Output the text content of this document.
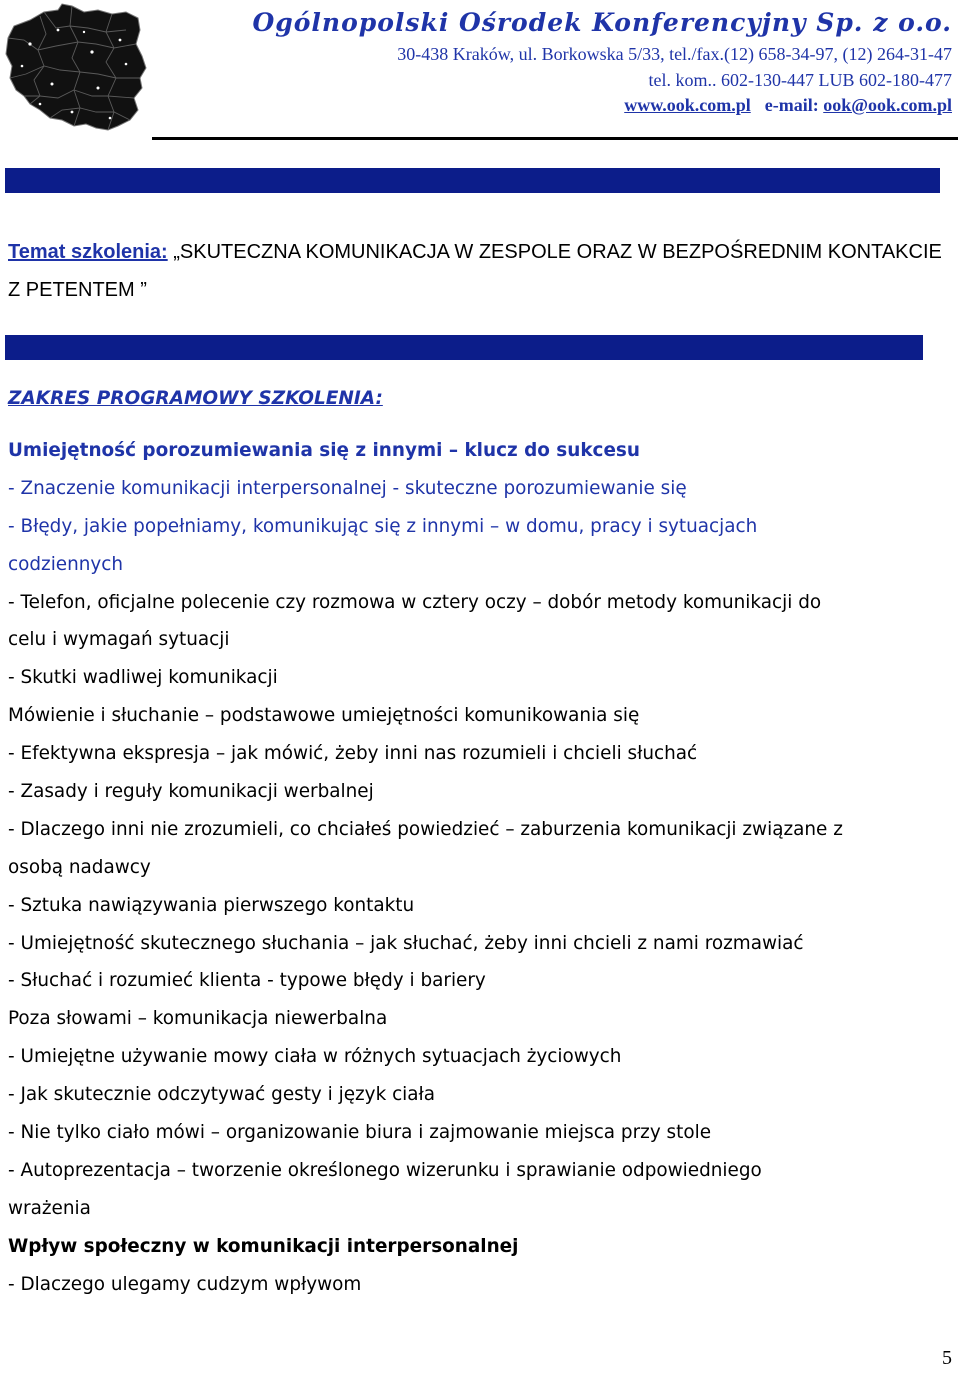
Ogólnopolski Ośrodek Konferencyjny Sp. z o.o.

30-438 Kraków, ul. Borkowska 5/33, tel./fax.(12) 658-34-97, (12) 264-31-47

tel. kom.. 602-130-447 LUB 602-180-477

www.ook.com.pl e-mail: ook@ook.com.pl

Temat szkolenia: „SKUTECZNA KOMUNIKACJA W ZESPOLE ORAZ W BEZPOŚREDNIM KONTAKCIE Z PETENTEM ”

ZAKRES PROGRAMOWY SZKOLENIA:

Umiejętność porozumiewania się z innymi – klucz do sukcesu
- Znaczenie komunikacji interpersonalnej - skuteczne porozumiewanie się
- Błędy, jakie popełniamy, komunikując się z innymi – w domu, pracy i sytuacjach
codziennych
- Telefon, oficjalne polecenie czy rozmowa w cztery oczy – dobór metody komunikacji do
celu i wymagań sytuacji
- Skutki wadliwej komunikacji
Mówienie i słuchanie – podstawowe umiejętności komunikowania się
- Efektywna ekspresja – jak mówić, żeby inni nas rozumieli i chcieli słuchać
- Zasady i reguły komunikacji werbalnej
- Dlaczego inni nie zrozumieli, co chciałeś powiedzieć – zaburzenia komunikacji związane z
osobą nadawcy
- Sztuka nawiązywania pierwszego kontaktu
- Umiejętność skutecznego słuchania – jak słuchać, żeby inni chcieli z nami rozmawiać
- Słuchać i rozumieć klienta - typowe błędy i bariery
Poza słowami – komunikacja niewerbalna
- Umiejętne używanie mowy ciała w różnych sytuacjach życiowych
- Jak skutecznie odczytywać gesty i język ciała
- Nie tylko ciało mówi – organizowanie biura i zajmowanie miejsca przy stole
- Autoprezentacja – tworzenie określonego wizerunku i sprawianie odpowiedniego
wrażenia
Wpływ społeczny w komunikacji interpersonalnej
- Dlaczego ulegamy cudzym wpływom

5
